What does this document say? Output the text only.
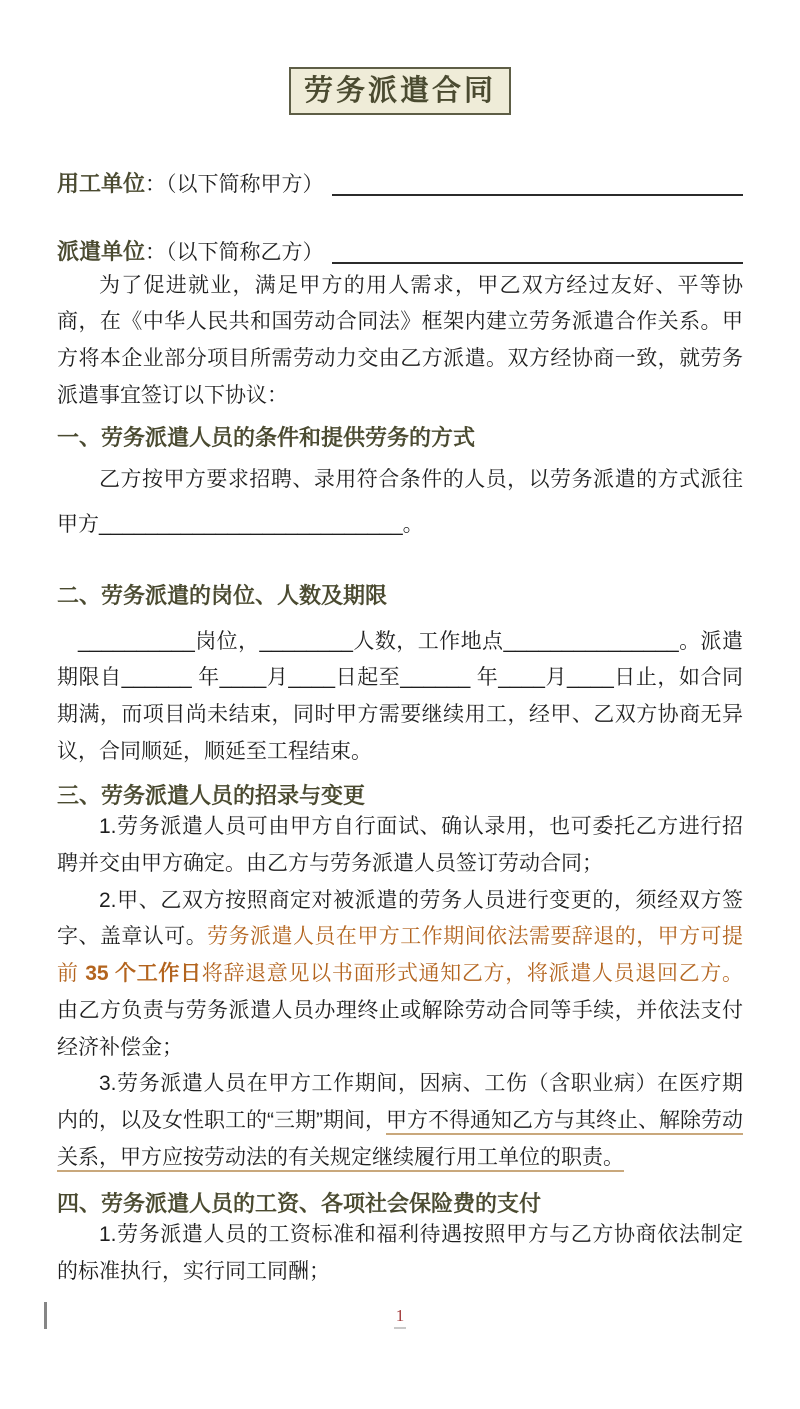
劳务派遣合同
用工单位 ：（以下简称甲方）
派遣单位 ：（以下简称乙方）

为了促进就业，满足甲方的用人需求，甲乙双方经过友好、平等协商，在《中华人民共和国劳动合同法》框架内建立劳务派遣合作关系。甲方将本企业部分项目所需劳动力交由乙方派遣。双方经协商一致，就劳务派遣事宜签订以下协议：

一、劳务派遣人员的条件和提供劳务的方式

乙方按甲方要求招聘、录用符合条件的人员，以劳务派遣的方式派往甲方__________________________。

二、劳务派遣的岗位、人数及期限

__________岗位，________人数，工作地点_______________。派遣期限自______ 年____月____日起至______ 年____月____日止，如合同期满，而项目尚未结束，同时甲方需要继续用工，经甲、乙双方协商无异议，合同顺延，顺延至工程结束。

三、劳务派遣人员的招录与变更

1.劳务派遣人员可由甲方自行面试、确认录用，也可委托乙方进行招聘并交由甲方确定。由乙方与劳务派遣人员签订劳动合同；

2.甲、乙双方按照商定对被派遣的劳务人员进行变更的，须经双方签字、盖章认可。劳务派遣人员在甲方工作期间依法需要辞退的，甲方可提前 35 个工作日将辞退意见以书面形式通知乙方，将派遣人员退回乙方。由乙方负责与劳务派遣人员办理终止或解除劳动合同等手续，并依法支付经济补偿金；

3.劳务派遣人员在甲方工作期间，因病、工伤（含职业病）在医疗期内的，以及女性职工的“三期”期间，甲方不得通知乙方与其终止、解除劳动关系，甲方应按劳动法的有关规定继续履行用工单位的职责。

四、劳务派遣人员的工资、各项社会保险费的支付

1.劳务派遣人员的工资标准和福利待遇按照甲方与乙方协商依法制定的标准执行，实行同工同酬；

1
